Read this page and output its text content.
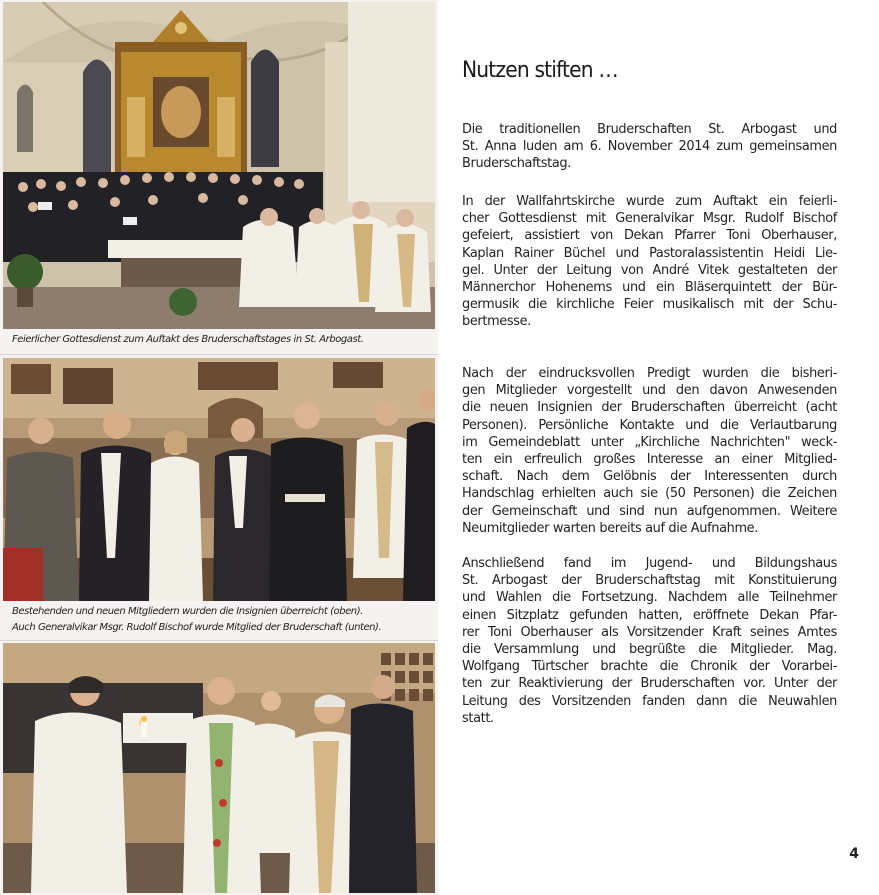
Feierlicher Gottesdienst zum Auftakt des Bruderschaftstages in St. Arbogast.
Bestehenden und neuen Mitgliedern wurden die Insignien überreicht (oben).
Auch Generalvikar Msgr. Rudolf Bischof wurde Mitglied der Bruderschaft (unten).
Nutzen stiften …
Die traditionellen Bruderschaften St. Arbogast und
St. Anna luden am 6. November 2014 zum gemeinsamen
Bruderschaftstag.
In der Wallfahrtskirche wurde zum Auftakt ein feierli-
cher Gottesdienst mit Generalvikar Msgr. Rudolf Bischof
gefeiert, assistiert von Dekan Pfarrer Toni Oberhauser,
Kaplan Rainer Büchel und Pastoralassistentin Heidi Lie-
gel. Unter der Leitung von André Vitek gestalteten der
Männerchor Hohenems und ein Bläserquintett der Bür-
germusik die kirchliche Feier musikalisch mit der Schu-
bertmesse.
Nach der eindrucksvollen Predigt wurden die bisheri-
gen Mitglieder vorgestellt und den davon Anwesenden
die neuen Insignien der Bruderschaften überreicht (acht
Personen). Persönliche Kontakte und die Verlautbarung
im Gemeindeblatt unter „Kirchliche Nachrichten" weck-
ten ein erfreulich großes Interesse an einer Mitglied-
schaft. Nach dem Gelöbnis der Interessenten durch
Handschlag erhielten auch sie (50 Personen) die Zeichen
der Gemeinschaft und sind nun aufgenommen. Weitere
Neumitglieder warten bereits auf die Aufnahme.
Anschließend fand im Jugend- und Bildungshaus
St. Arbogast der Bruderschaftstag mit Konstituierung
und Wahlen die Fortsetzung. Nachdem alle Teilnehmer
einen Sitzplatz gefunden hatten, eröffnete Dekan Pfar-
rer Toni Oberhauser als Vorsitzender Kraft seines Amtes
die Versammlung und begrüßte die Mitglieder. Mag.
Wolfgang Türtscher brachte die Chronik der Vorarbei-
ten zur Reaktivierung der Bruderschaften vor. Unter der
Leitung des Vorsitzenden fanden dann die Neuwahlen
statt.
4
